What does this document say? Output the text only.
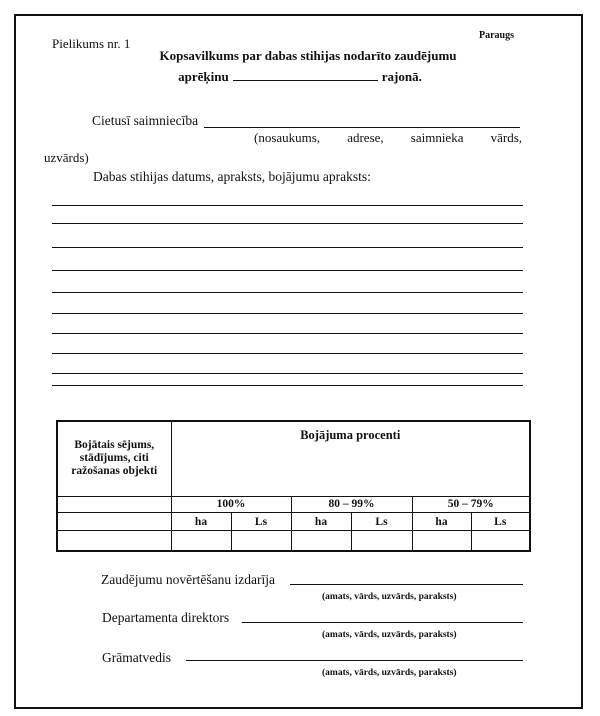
Pielikums nr. 1
Paraugs
Kopsavilkums par dabas stihijas nodarīto zaudējumu
aprēķinu	rajonā.
Cietusī saimniecība
(nosaukums, adrese, saimnieka vārds,
uzvārds)
Dabas stihijas datums, apraksts, bojājumu apraksts:
Bojātais sējums, stādījums, citi ražošanas objekti	Bojājuma procenti					
	100%		80 – 99%		50 – 79%	
	ha	Ls	ha	Ls	ha	Ls

Zaudējumu novērtēšanu izdarīja
(amats, vārds, uzvārds, paraksts)
Departamenta direktors
(amats, vārds, uzvārds, paraksts)
Grāmatvedis
(amats, vārds, uzvārds, paraksts)
